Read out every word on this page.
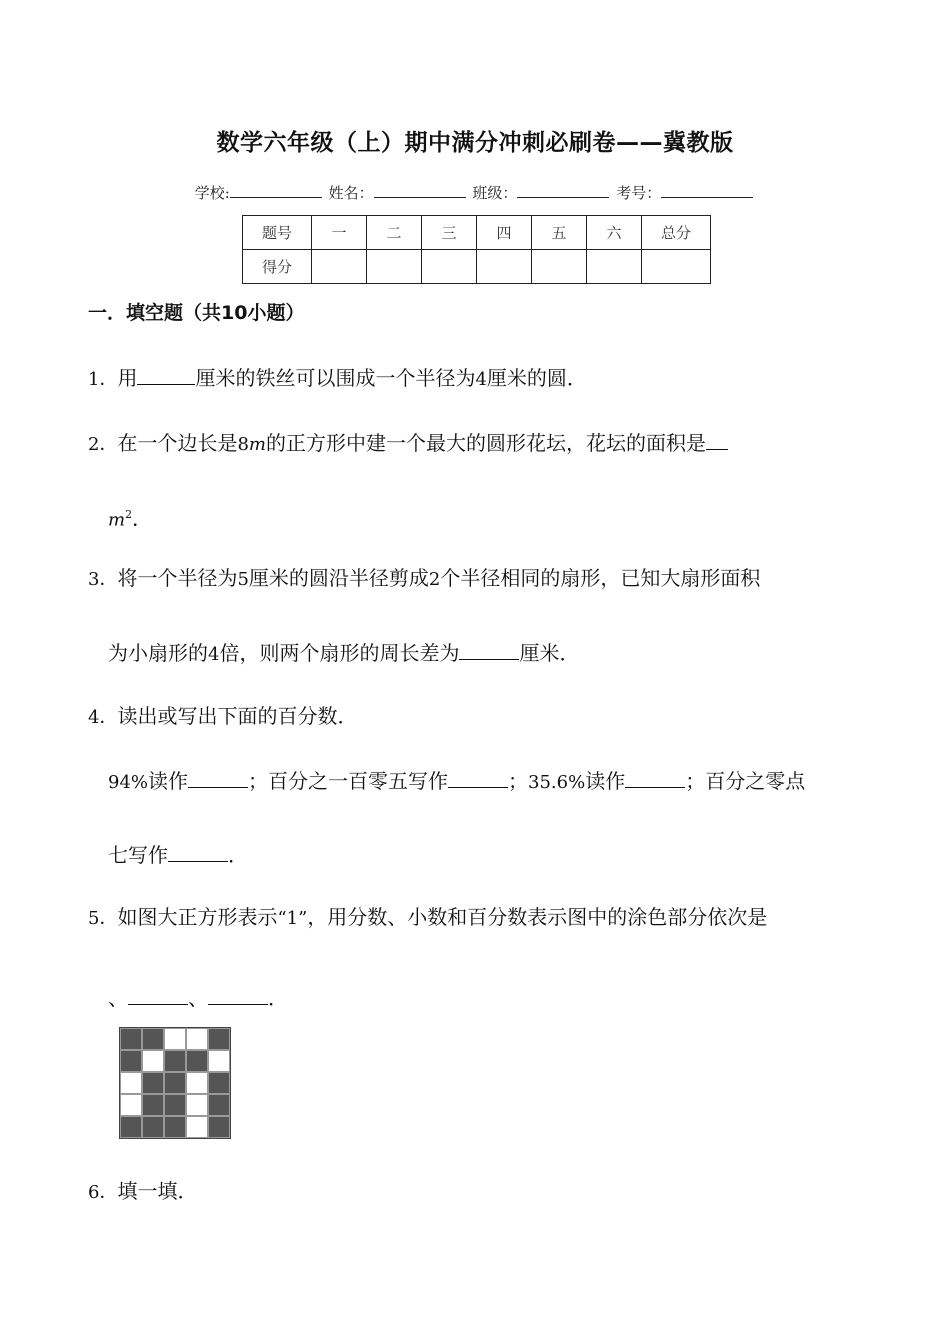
数学六年级（上）期中满分冲刺必刷卷——冀教版
学校:	姓名：	班级：	考号：
题号	一	二	三	四	五	六	总分
得分							
一．填空题（共10小题）
1．用	厘米的铁丝可以围成一个半径为4厘米的圆．
2．在一个边长是8m的正方形中建一个最大的圆形花坛，花坛的面积是
$m^2$．
3．将一个半径为5厘米的圆沿半径剪成2个半径相同的扇形，已知大扇形面积
为小扇形的4倍，则两个扇形的周长差为	厘米．
4．读出或写出下面的百分数．
94%读作	；百分之一百零五写作	；35.6%读作	；百分之零点
七写作	．
5．如图大正方形表示“1”，用分数、小数和百分数表示图中的涂色部分依次是
、	、	．
6．填一填．
